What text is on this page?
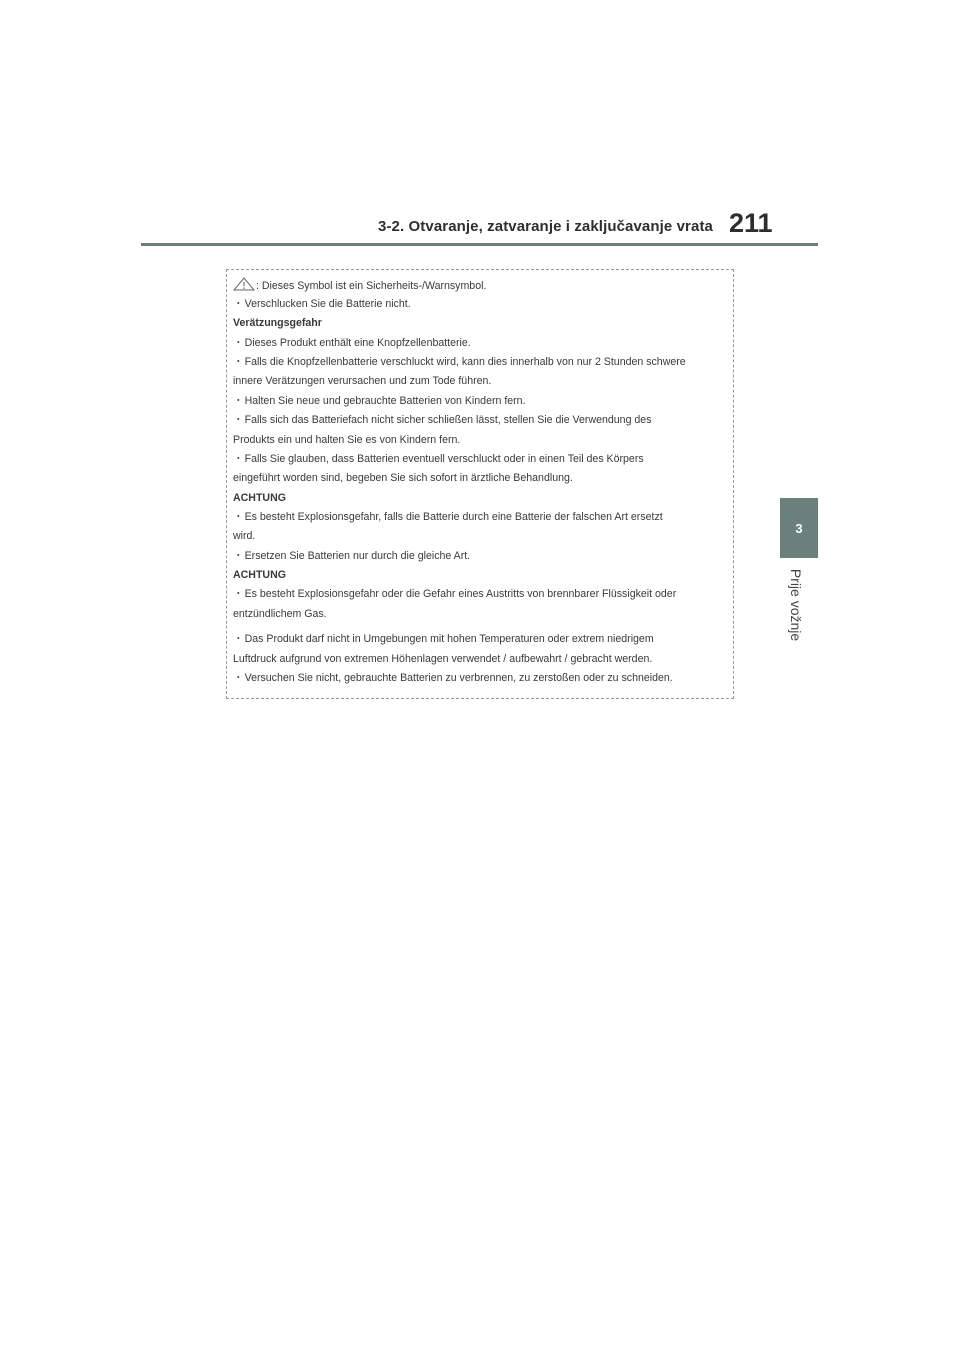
3-2. Otvaranje, zatvaranje i zaključavanje vrata 211
3
Prije vožnje
: Dieses Symbol ist ein Sicherheits-/Warnsymbol.
・Verschlucken Sie die Batterie nicht.
Verätzungsgefahr
・Dieses Produkt enthält eine Knopfzellenbatterie.
・Falls die Knopfzellenbatterie verschluckt wird, kann dies innerhalb von nur 2 Stunden schwere
innere Verätzungen verursachen und zum Tode führen.
・Halten Sie neue und gebrauchte Batterien von Kindern fern.
・Falls sich das Batteriefach nicht sicher schließen lässt, stellen Sie die Verwendung des
Produkts ein und halten Sie es von Kindern fern.
・Falls Sie glauben, dass Batterien eventuell verschluckt oder in einen Teil des Körpers
eingeführt worden sind, begeben Sie sich sofort in ärztliche Behandlung.
ACHTUNG
・Es besteht Explosionsgefahr, falls die Batterie durch eine Batterie der falschen Art ersetzt
wird.
・Ersetzen Sie Batterien nur durch die gleiche Art.
ACHTUNG
・Es besteht Explosionsgefahr oder die Gefahr eines Austritts von brennbarer Flüssigkeit oder
entzündlichem Gas.
・Das Produkt darf nicht in Umgebungen mit hohen Temperaturen oder extrem niedrigem
Luftdruck aufgrund von extremen Höhenlagen verwendet / aufbewahrt / gebracht werden.
・Versuchen Sie nicht, gebrauchte Batterien zu verbrennen, zu zerstoßen oder zu schneiden.
